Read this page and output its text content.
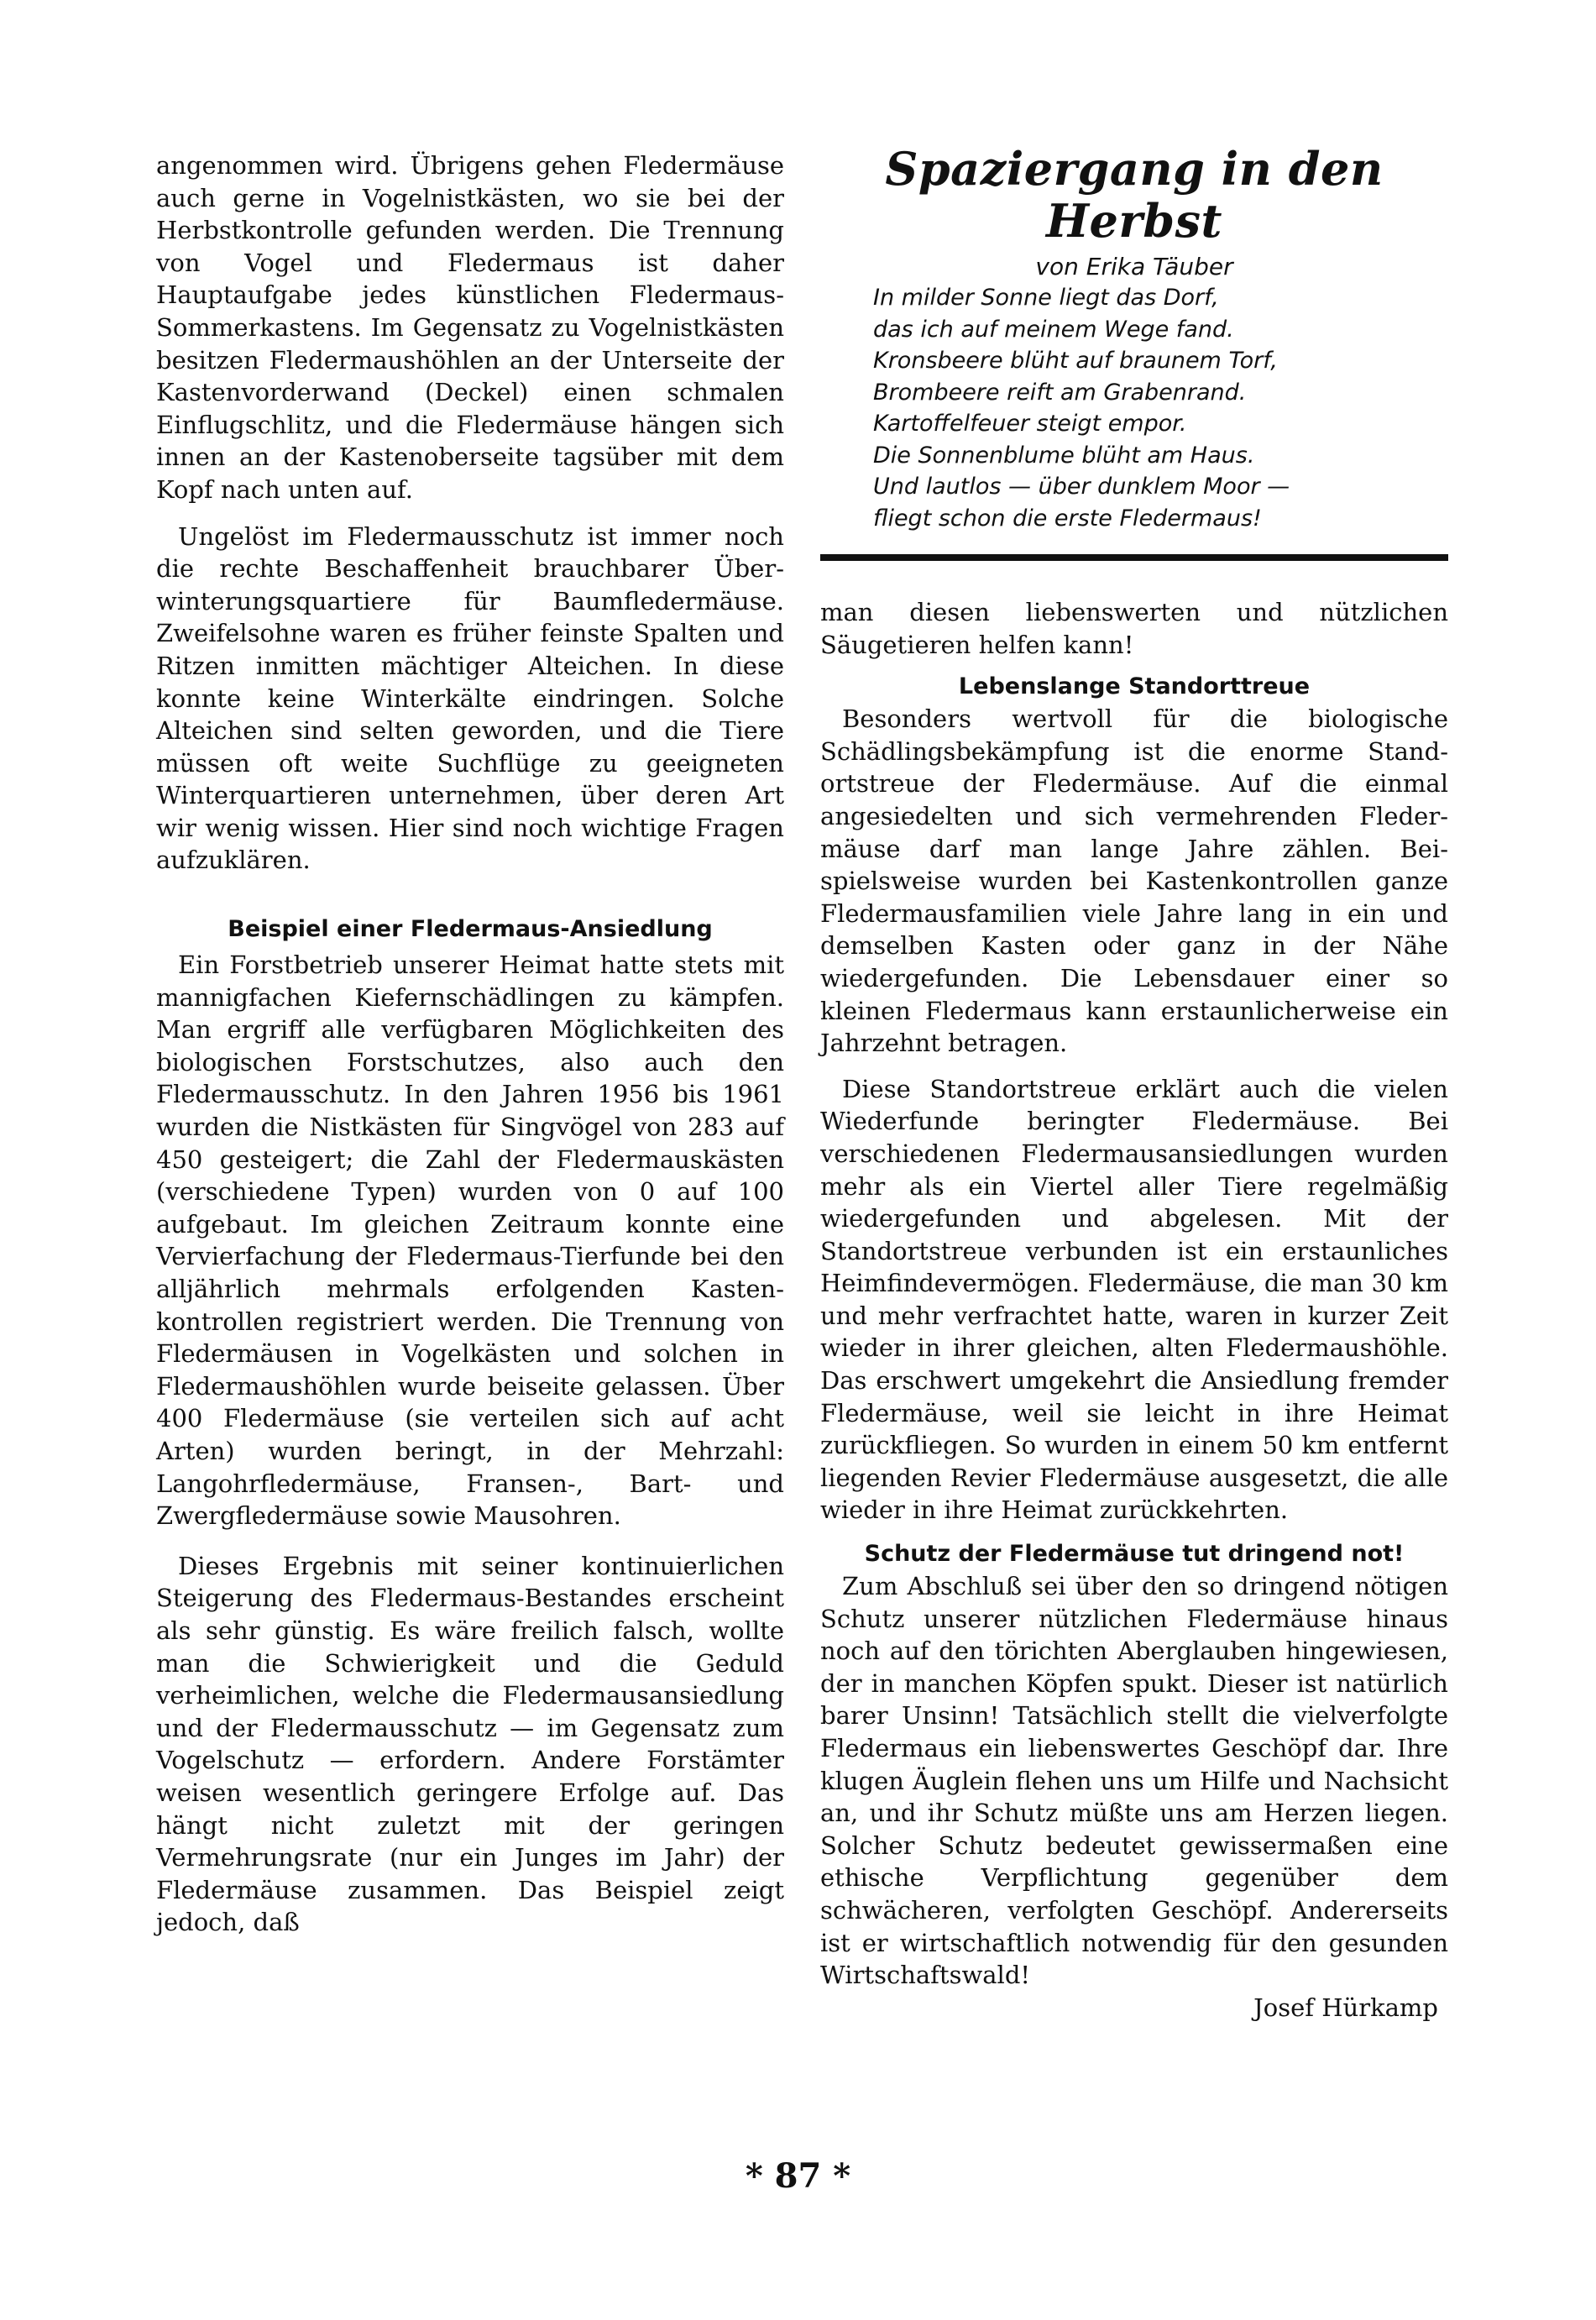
angenommen wird. Übrigens gehen Fledermäuse auch gerne in Vogelnistkästen, wo sie bei der Herbstkontrolle gefunden werden. Die Trennung von Vogel und Fledermaus ist daher Hauptaufgabe jedes künstlichen Fledermaus-Sommerkastens. Im Gegensatz zu Vogelnistkästen besitzen Fledermaushöhlen an der Unterseite der Kastenvorderwand (Deckel) einen schmalen Einflugschlitz, und die Fledermäuse hängen sich innen an der Kastenoberseite tagsüber mit dem Kopf nach unten auf.

Ungelöst im Fledermausschutz ist immer noch die rechte Beschaffenheit brauchbarer Überwinterungsquartiere für Baumfledermäuse. Zweifelsohne waren es früher feinste Spalten und Ritzen inmitten mächtiger Alteichen. In diese konnte keine Winterkälte eindringen. Solche Alteichen sind selten geworden, und die Tiere müssen oft weite Suchflüge zu geeigneten Winterquartieren unternehmen, über deren Art wir wenig wissen. Hier sind noch wichtige Fragen aufzuklären.

Beispiel einer Fledermaus-Ansiedlung

Ein Forstbetrieb unserer Heimat hatte stets mit mannigfachen Kiefernschädlingen zu kämpfen. Man ergriff alle verfügbaren Möglichkeiten des biologischen Forstschutzes, also auch den Fledermausschutz. In den Jahren 1956 bis 1961 wurden die Nistkästen für Singvögel von 283 auf 450 gesteigert; die Zahl der Fledermauskästen (verschiedene Typen) wurden von 0 auf 100 aufgebaut. Im gleichen Zeitraum konnte eine Vervierfachung der Fledermaus-Tierfunde bei den alljährlich mehrmals erfolgenden Kastenkontrollen registriert werden. Die Trennung von Fledermäusen in Vogelkästen und solchen in Fledermaushöhlen wurde beiseite gelassen. Über 400 Fledermäuse (sie verteilen sich auf acht Arten) wurden beringt, in der Mehrzahl: Langohrfledermäuse, Fransen-, Bart- und Zwergfledermäuse sowie Mausohren.

Dieses Ergebnis mit seiner kontinuierlichen Steigerung des Fledermaus-Bestandes erscheint als sehr günstig. Es wäre freilich falsch, wollte man die Schwierigkeit und die Geduld verheimlichen, welche die Fledermausansiedlung und der Fledermausschutz — im Gegensatz zum Vogelschutz — erfordern. Andere Forstämter weisen wesentlich geringere Erfolge auf. Das hängt nicht zuletzt mit der geringen Vermehrungsrate (nur ein Junges im Jahr) der Fledermäuse zusammen. Das Beispiel zeigt jedoch, daß

Spaziergang in den Herbst

von Erika Täuber

In milder Sonne liegt das Dorf,
das ich auf meinem Wege fand.
Kronsbeere blüht auf braunem Torf,
Brombeere reift am Grabenrand.
Kartoffelfeuer steigt empor.
Die Sonnenblume blüht am Haus.
Und lautlos — über dunklem Moor —
fliegt schon die erste Fledermaus!

man diesen liebenswerten und nützlichen Säugetieren helfen kann!

Lebenslange Standorttreue

Besonders wertvoll für die biologische Schädlingsbekämpfung ist die enorme Standortstreue der Fledermäuse. Auf die einmal angesiedelten und sich vermehrenden Fledermäuse darf man lange Jahre zählen. Beispielsweise wurden bei Kastenkontrollen ganze Fledermausfamilien viele Jahre lang in ein und demselben Kasten oder ganz in der Nähe wiedergefunden. Die Lebensdauer einer so kleinen Fledermaus kann erstaunlicherweise ein Jahrzehnt betragen.

Diese Standortstreue erklärt auch die vielen Wiederfunde beringter Fledermäuse. Bei verschiedenen Fledermausansiedlungen wurden mehr als ein Viertel aller Tiere regelmäßig wiedergefunden und abgelesen. Mit der Standortstreue verbunden ist ein erstaunliches Heimfindevermögen. Fledermäuse, die man 30 km und mehr verfrachtet hatte, waren in kurzer Zeit wieder in ihrer gleichen, alten Fledermaushöhle. Das erschwert umgekehrt die Ansiedlung fremder Fledermäuse, weil sie leicht in ihre Heimat zurückfliegen. So wurden in einem 50 km entfernt liegenden Revier Fledermäuse ausgesetzt, die alle wieder in ihre Heimat zurückkehrten.

Schutz der Fledermäuse tut dringend not!

Zum Abschluß sei über den so dringend nötigen Schutz unserer nützlichen Fledermäuse hinaus noch auf den törichten Aberglauben hingewiesen, der in manchen Köpfen spukt. Dieser ist natürlich barer Unsinn! Tatsächlich stellt die vielverfolgte Fledermaus ein liebenswertes Geschöpf dar. Ihre klugen Äuglein flehen uns um Hilfe und Nachsicht an, und ihr Schutz müßte uns am Herzen liegen. Solcher Schutz bedeutet gewissermaßen eine ethische Verpflichtung gegenüber dem schwächeren, verfolgten Geschöpf. Andererseits ist er wirtschaftlich notwendig für den gesunden Wirtschaftswald!

Josef Hürkamp

* 87 *
